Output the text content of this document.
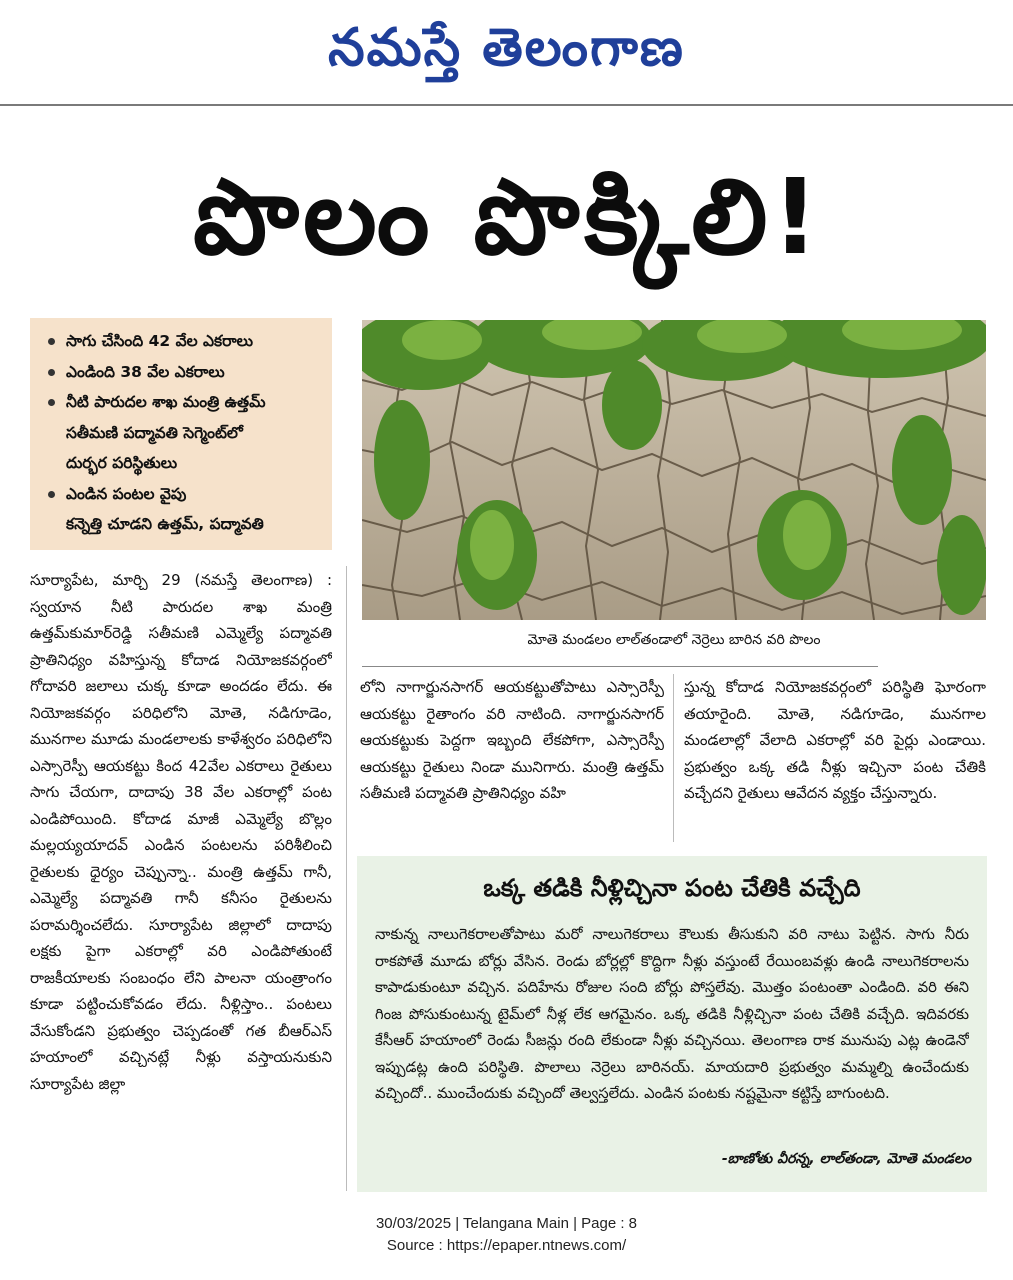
నమస్తే తెలంగాణ
పొలం పొక్కిలి!
సాగు చేసింది 42 వేల ఎకరాలు
ఎండింది 38 వేల ఎకరాలు
నీటి పారుదల శాఖ మంత్రి ఉత్తమ్
సతీమణి పద్మావతి సెగ్మెంట్‌లో
దుర్భర పరిస్థితులు
ఎండిన పంటల వైపు
కన్నెత్తి చూడని ఉత్తమ్, పద్మావతి
మోతె మండలం లాల్‌తండాలో నెర్రెలు బారిన వరి పొలం
సూర్యాపేట, మార్చి 29 (నమస్తే తెలంగాణ) : స్వయాన నీటి పారుదల శాఖ మంత్రి ఉత్తమ్‌కుమార్‌రెడ్డి సతీమణి ఎమ్మెల్యే పద్మావతి ప్రాతినిధ్యం వహిస్తున్న కోదాడ నియోజకవర్గంలో గోదావరి జలాలు చుక్క కూడా అందడం లేదు. ఈ నియోజకవర్గం పరిధిలోని మోతె, నడిగూడెం, మునగాల మూడు మండలాలకు కాళేశ్వరం పరిధిలోని ఎస్సారెస్పీ ఆయకట్టు కింద 42వేల ఎకరాలు రైతులు సాగు చేయగా, దాదాపు 38 వేల ఎకరాల్లో పంట ఎండిపోయింది. కోదాడ మాజీ ఎమ్మెల్యే బొల్లం మల్లయ్యయాదవ్ ఎండిన పంటలను పరిశీలించి రైతులకు ధైర్యం చెప్పున్నా.. మంత్రి ఉత్తమ్ గానీ, ఎమ్మెల్యే పద్మావతి గానీ కనీసం రైతులను పరామర్శించలేదు. సూర్యాపేట జిల్లాలో దాదాపు లక్షకు పైగా ఎకరాల్లో వరి ఎండిపోతుంటే రాజకీయాలకు సంబంధం లేని పాలనా యంత్రాంగం కూడా పట్టించుకోవడం లేదు. నీళ్లిస్తాం.. పంటలు వేసుకోండని ప్రభుత్వం చెప్పడంతో గత బీఆర్‌ఎస్ హయాంలో వచ్చినట్లే నీళ్లు వస్తాయనుకుని సూర్యాపేట జిల్లా
లోని నాగార్జునసాగర్ ఆయకట్టుతోపాటు ఎస్సారెస్పీ ఆయకట్టు రైతాంగం వరి నాటింది. నాగార్జునసాగర్ ఆయకట్టుకు పెద్దగా ఇబ్బంది లేకపోగా, ఎస్సారెస్పీ ఆయకట్టు రైతులు నిండా మునిగారు. మంత్రి ఉత్తమ్ సతీమణి పద్మావతి ప్రాతినిధ్యం వహి
స్తున్న కోదాడ నియోజకవర్గంలో పరిస్థితి ఘోరంగా తయారైంది. మోతె, నడిగూడెం, మునగాల మండలాల్లో వేలాది ఎకరాల్లో వరి పైర్లు ఎండాయి. ప్రభుత్వం ఒక్క తడి నీళ్లు ఇచ్చినా పంట చేతికి వచ్చేదని రైతులు ఆవేదన వ్యక్తం చేస్తున్నారు.
ఒక్క తడికి నీళ్లిచ్చినా పంట చేతికి వచ్చేది
నాకున్న నాలుగెకరాలతోపాటు మరో నాలుగెకరాలు కౌలుకు తీసుకుని వరి నాటు పెట్టిన. సాగు నీరు రాకపోతే మూడు బోర్లు వేసిన. రెండు బోర్లల్లో కొద్దిగా నీళ్లు వస్తుంటే రేయింబవళ్లు ఉండి నాలుగెకరాలను కాపాడుకుంటూ వచ్చిన. పదిహేను రోజుల సంది బోర్లు పోస్తలేవు. మొత్తం పంటంతా ఎండింది. వరి ఈని గింజ పోసుకుంటున్న టైమ్‌లో నీళ్ల లేక ఆగమైనం. ఒక్క తడికి నీళ్లిచ్చినా పంట చేతికి వచ్చేది. ఇదివరకు కేసీఆర్ హయాంలో రెండు సీజన్లు రంది లేకుండా నీళ్లు వచ్చినయి. తెలంగాణ రాక మునుపు ఎట్ల ఉండెనో ఇప్పుడట్ల ఉంది పరిస్థితి. పొలాలు నెర్రెలు బారినయ్. మాయదారి ప్రభుత్వం మమ్మల్ని ఉంచేందుకు వచ్చిందో.. ముంచేందుకు వచ్చిందో తెల్వస్తలేదు. ఎండిన పంటకు నష్టమైనా కట్టిస్తే బాగుంటది.
-బాణోతు వీరన్న, లాల్‌తండా, మోతె మండలం
30/03/2025 | Telangana Main | Page : 8
Source : https://epaper.ntnews.com/
